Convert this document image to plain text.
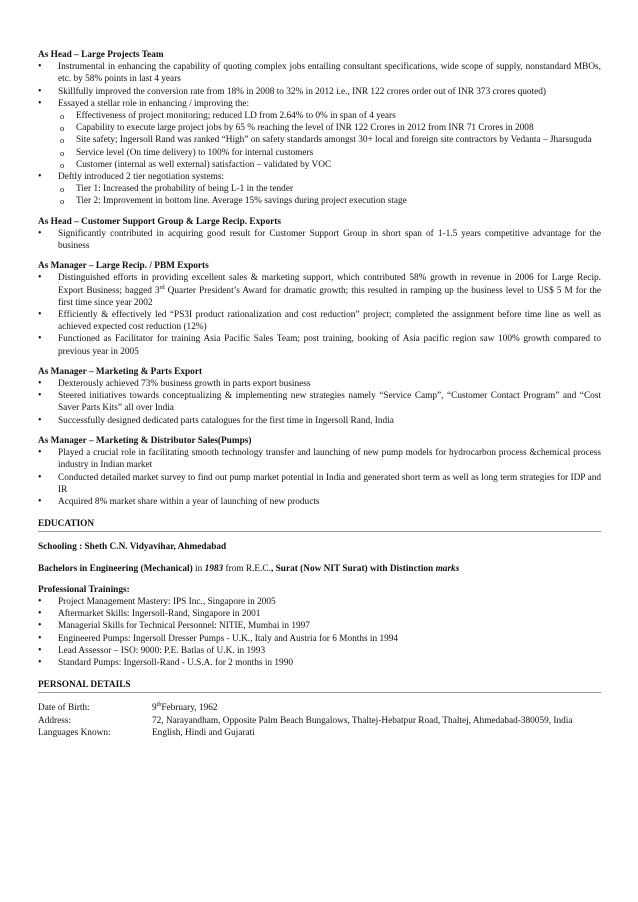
As Head – Large Projects Team

• Instrumental in enhancing the capability of quoting complex jobs entailing consultant specifications, wide scope of supply, nonstandard MBOs, etc. by 58% points in last 4 years
• Skillfully improved the conversion rate from 18% in 2008 to 32% in 2012 i.e., INR 122 crores order out of INR 373 crores quoted)
• Essayed a stellar role in enhancing / improving the:
o Effectiveness of project monitoring; reduced LD from 2.64% to 0% in span of 4 years
o Capability to execute large project jobs by 65 % reaching the level of INR 122 Crores in 2012 from INR 71 Crores in 2008
o Site safety; Ingersoll Rand was ranked “High” on safety standards amongst 30+ local and foreign site contractors by Vedanta – Jharsuguda
o Service level (On time delivery) to 100% for internal customers
o Customer (internal as well external) satisfaction – validated by VOC
• Deftly introduced 2 tier negotiation systems:
o Tier 1: Increased the probability of being L-1 in the tender
o Tier 2: Improvement in bottom line. Average 15% savings during project execution stage

As Head – Customer Support Group & Large Recip. Exports

• Significantly contributed in acquiring good result for Customer Support Group in short span of 1-1.5 years competitive advantage for the business

As Manager – Large Recip. / PBM Exports

• Distinguished efforts in providing excellent sales & marketing support, which contributed 58% growth in revenue in 2006 for Large Recip. Export Business; bagged 3rd Quarter President’s Award for dramatic growth; this resulted in ramping up the business level to US$ 5 M for the first time since year 2002
• Efficiently & effectively led “PS3I product rationalization and cost reduction” project; completed the assignment before time line as well as achieved expected cost reduction (12%)
• Functioned as Facilitator for training Asia Pacific Sales Team; post training, booking of Asia pacific region saw 100% growth compared to previous year in 2005

As Manager – Marketing & Parts Export

• Dexterously achieved 73% business growth in parts export business
• Steered initiatives towards conceptualizing & implementing new strategies namely “Service Camp”, “Customer Contact Program” and “Cost Saver Parts Kits” all over India
• Successfully designed dedicated parts catalogues for the first time in Ingersoll Rand, India

As Manager – Marketing & Distributor Sales(Pumps)

• Played a crucial role in facilitating smooth technology transfer and launching of new pump models for hydrocarbon process &chemical process industry in Indian market
• Conducted detailed market survey to find out pump market potential in India and generated short term as well as long term strategies for IDP and IR
• Acquired 8% market share within a year of launching of new products

EDUCATION

Schooling : Sheth C.N. Vidyavihar, Ahmedabad

Bachelors in Engineering (Mechanical) in 1983 from R.E.C., Surat (Now NIT Surat) with Distinction marks

Professional Trainings:

• Project Management Mastery: IPS Inc., Singapore in 2005
• Aftermarket Skills: Ingersoll-Rand, Singapore in 2001
• Managerial Skills for Technical Personnel: NITIE, Mumbai in 1997
• Engineered Pumps: Ingersoll Dresser Pumps - U.K., Italy and Austria for 6 Months in 1994
• Lead Assessor – ISO: 9000: P.E. Batlas of U.K. in 1993
• Standard Pumps: Ingersoll-Rand - U.S.A. for 2 months in 1990

PERSONAL DETAILS

Date of Birth:	9thFebruary, 1962
Address:	72, Narayandham, Opposite Palm Beach Bungalows, Thaltej-Hebatpur Road, Thaltej, Ahmedabad-380059, India
Languages Known:	English, Hindi and Gujarati
